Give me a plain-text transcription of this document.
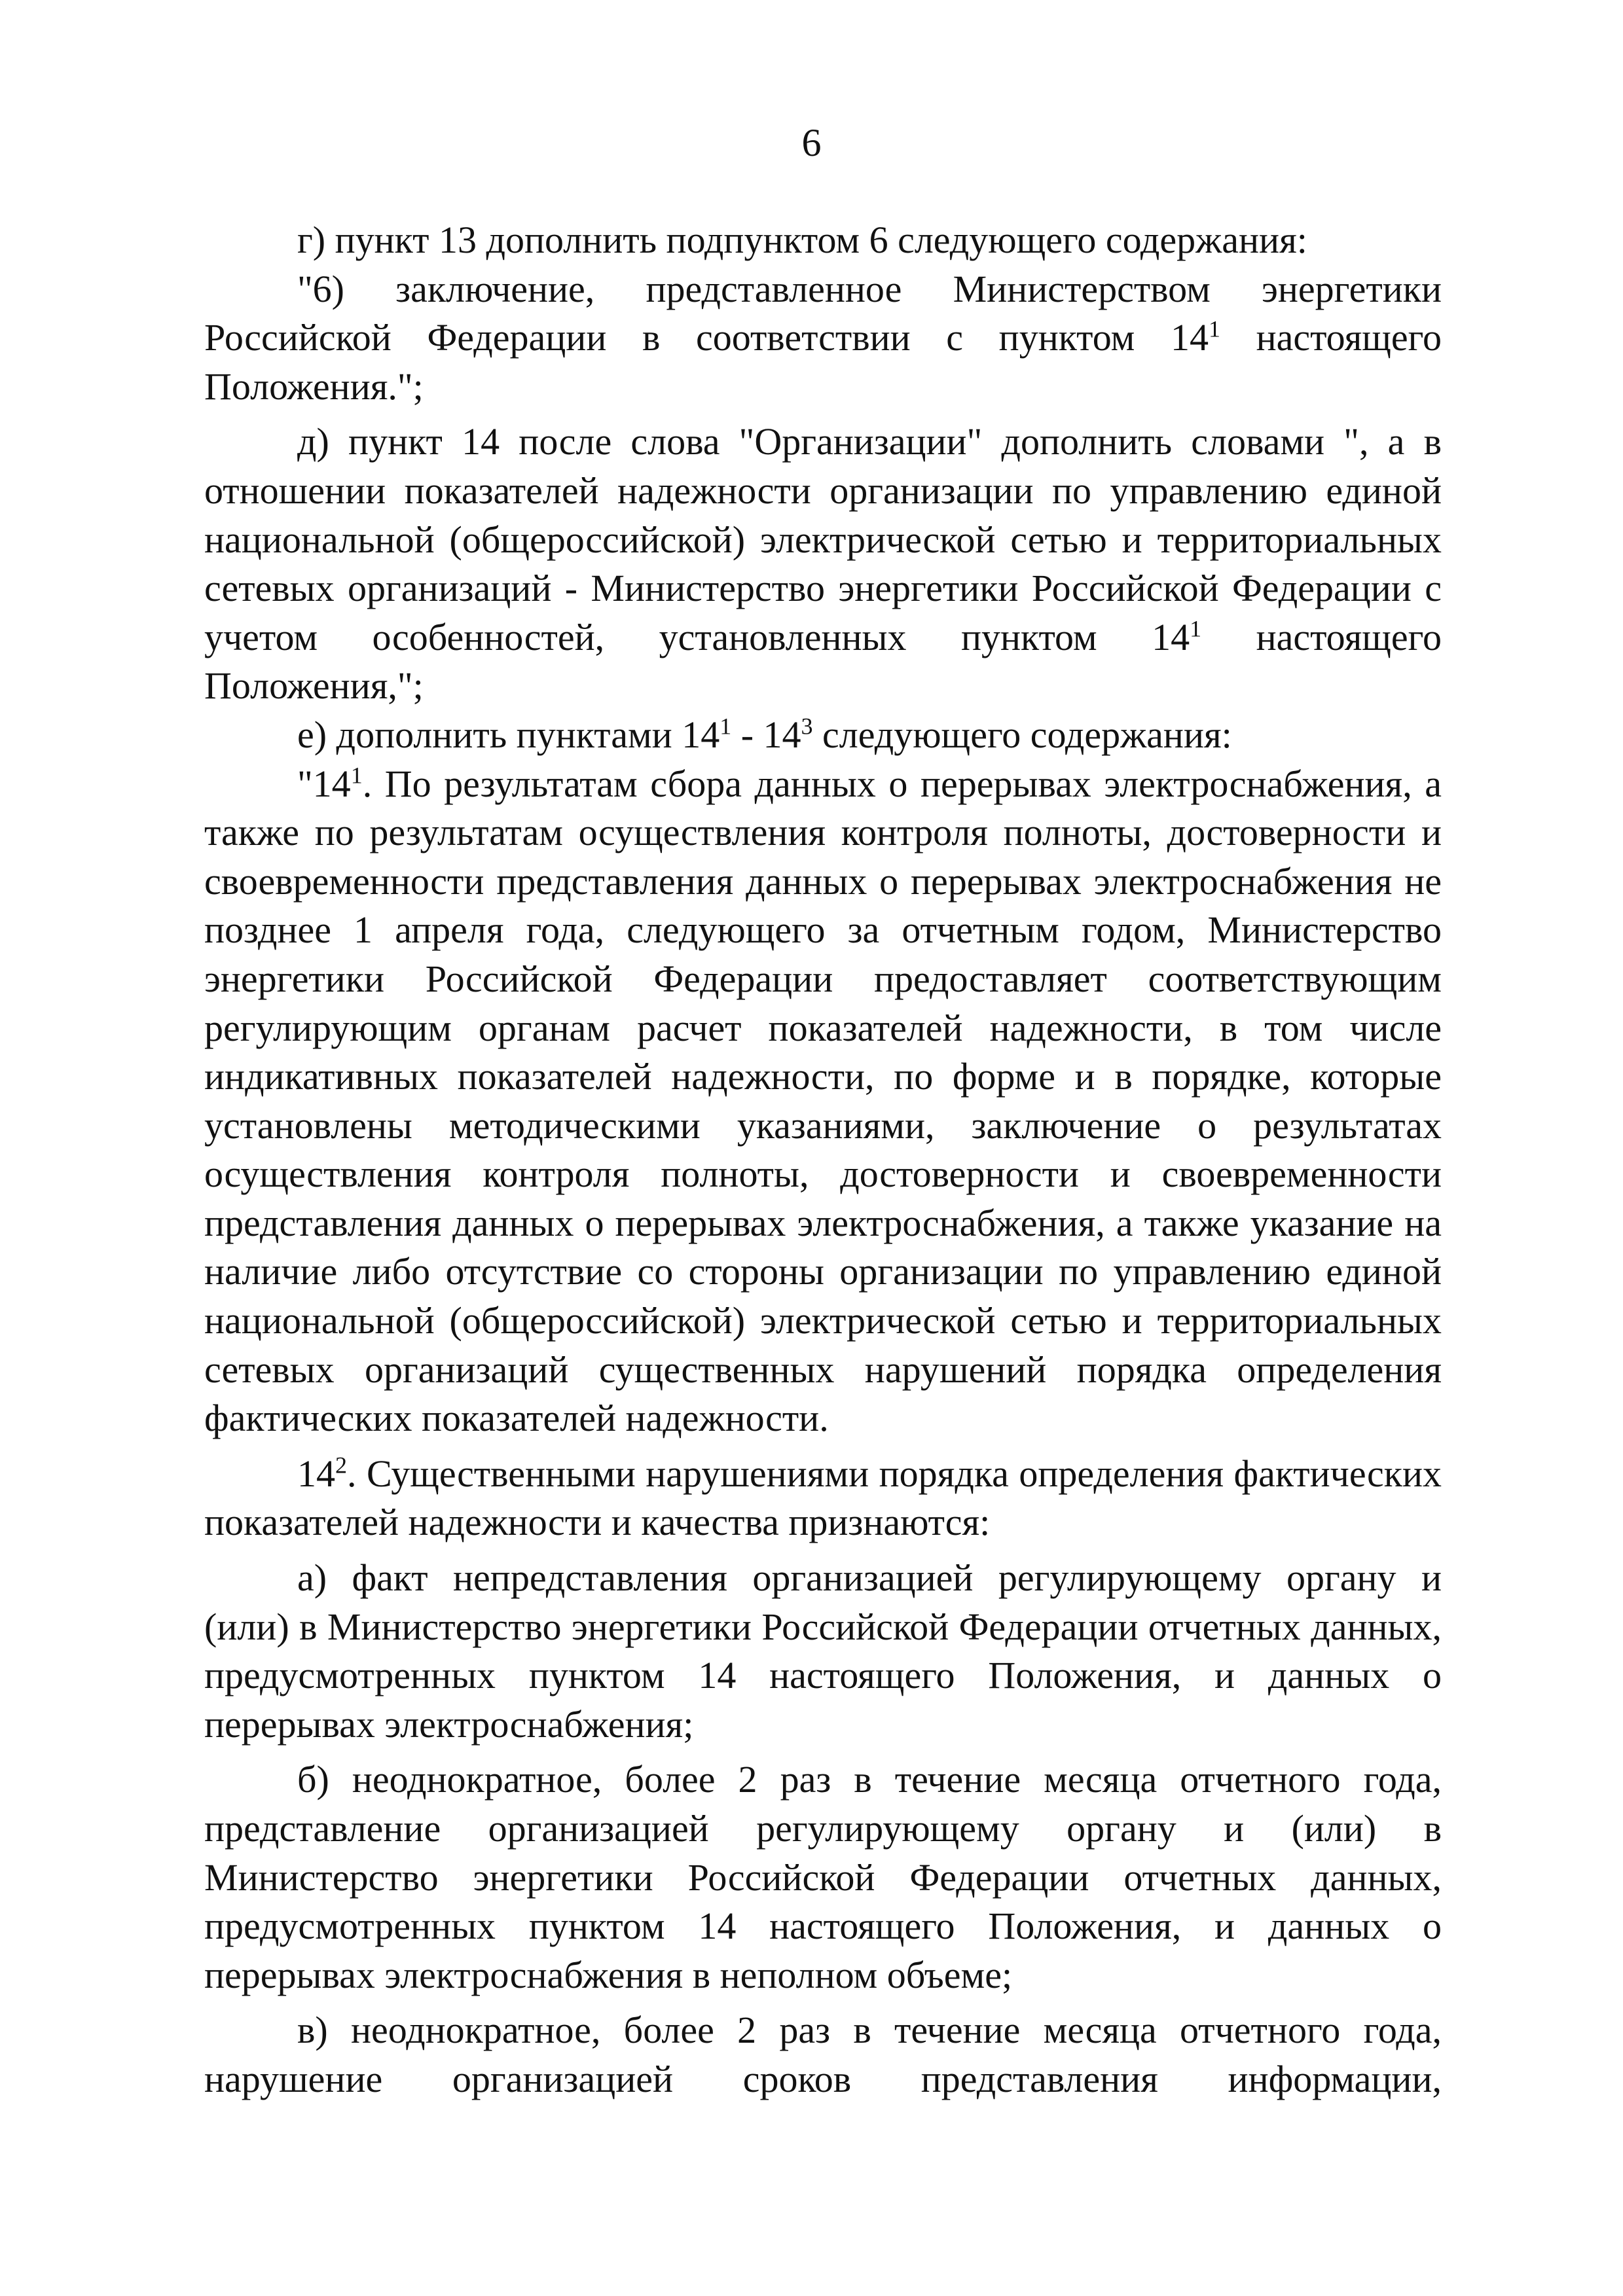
6

г) пункт 13 дополнить подпунктом 6 следующего содержания:

"6) заключение, представленное Министерством энергетики Российской Федерации в соответствии с пунктом $14^1$ настоящего Положения.";

д) пункт 14 после слова "Организации" дополнить словами ", а в отношении показателей надежности организации по управлению единой национальной (общероссийской) электрической сетью и территориальных сетевых организаций - Министерство энергетики Российской Федерации с учетом особенностей, установленных пунктом $14^1$ настоящего Положения,";

е) дополнить пунктами $14^1 - 14^3$ следующего содержания:

"$14^1$. По результатам сбора данных о перерывах электроснабжения, а также по результатам осуществления контроля полноты, достоверности и своевременности представления данных о перерывах электроснабжения не позднее 1 апреля года, следующего за отчетным годом, Министерство энергетики Российской Федерации предоставляет соответствующим регулирующим органам расчет показателей надежности, в том числе индикативных показателей надежности, по форме и в порядке, которые установлены методическими указаниями, заключение о результатах осуществления контроля полноты, достоверности и своевременности представления данных о перерывах электроснабжения, а также указание на наличие либо отсутствие со стороны организации по управлению единой национальной (общероссийской) электрической сетью и территориальных сетевых организаций существенных нарушений порядка определения фактических показателей надежности.

$14^2$. Существенными нарушениями порядка определения фактических показателей надежности и качества признаются:

а) факт непредставления организацией регулирующему органу и (или) в Министерство энергетики Российской Федерации отчетных данных, предусмотренных пунктом 14 настоящего Положения, и данных о перерывах электроснабжения;

б) неоднократное, более 2 раз в течение месяца отчетного года, представление организацией регулирующему органу и (или) в Министерство энергетики Российской Федерации отчетных данных, предусмотренных пунктом 14 настоящего Положения, и данных о перерывах электроснабжения в неполном объеме;

в) неоднократное, более 2 раз в течение месяца отчетного года, нарушение организацией сроков представления информации,
